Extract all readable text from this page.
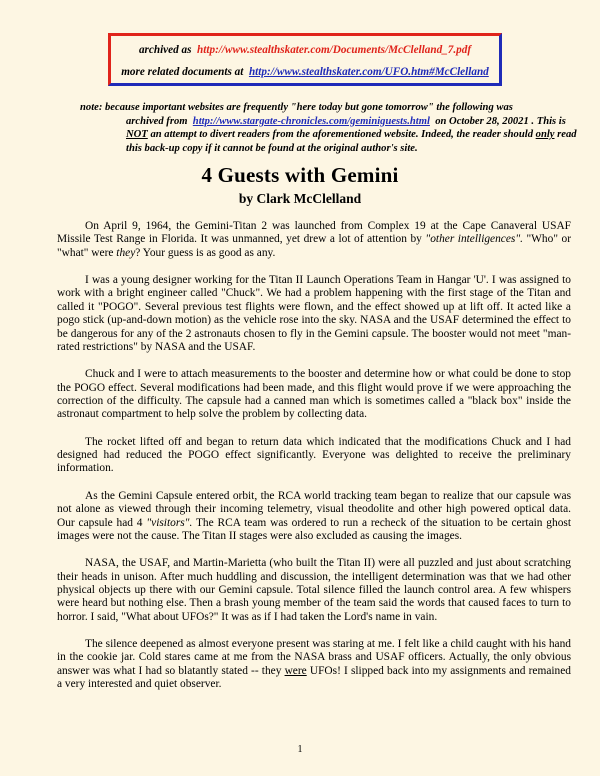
archived as http://www.stealthskater.com/Documents/McClelland_7.pdf
more related documents at http://www.stealthskater.com/UFO.htm#McClelland
note: because important websites are frequently "here today but gone tomorrow" the following was
archived from http://www.stargate-chronicles.com/geminiguests.html on October 28, 20021 . This is NOT an attempt to divert readers from the aforementioned website. Indeed, the reader should only read this back-up copy if it cannot be found at the original author's site.
4 Guests with Gemini
by Clark McClelland

On April 9, 1964, the Gemini-Titan 2 was launched from Complex 19 at the Cape Canaveral USAF Missile Test Range in Florida. It was unmanned, yet drew a lot of attention by "other intelligences". "Who" or "what" were they? Your guess is as good as any.

I was a young designer working for the Titan II Launch Operations Team in Hangar 'U'. I was assigned to work with a bright engineer called "Chuck". We had a problem happening with the first stage of the Titan and called it "POGO". Several previous test flights were flown, and the effect showed up at lift off. It acted like a pogo stick (up-and-down motion) as the vehicle rose into the sky. NASA and the USAF determined the effect to be dangerous for any of the 2 astronauts chosen to fly in the Gemini capsule. The booster would not meet "man-rated restrictions" by NASA and the USAF.

Chuck and I were to attach measurements to the booster and determine how or what could be done to stop the POGO effect. Several modifications had been made, and this flight would prove if we were approaching the correction of the difficulty. The capsule had a canned man which is sometimes called a "black box" inside the astronaut compartment to help solve the problem by collecting data.

The rocket lifted off and began to return data which indicated that the modifications Chuck and I had designed had reduced the POGO effect significantly. Everyone was delighted to receive the preliminary information.

As the Gemini Capsule entered orbit, the RCA world tracking team began to realize that our capsule was not alone as viewed through their incoming telemetry, visual theodolite and other high powered optical data. Our capsule had 4 "visitors". The RCA team was ordered to run a recheck of the situation to be certain ghost images were not the cause. The Titan II stages were also excluded as causing the images.

NASA, the USAF, and Martin-Marietta (who built the Titan II) were all puzzled and just about scratching their heads in unison. After much huddling and discussion, the intelligent determination was that we had other physical objects up there with our Gemini capsule. Total silence filled the launch control area. A few whispers were heard but nothing else. Then a brash young member of the team said the words that caused faces to turn to horror. I said, "What about UFOs?" It was as if I had taken the Lord's name in vain.

The silence deepened as almost everyone present was staring at me. I felt like a child caught with his hand in the cookie jar. Cold stares came at me from the NASA brass and USAF officers. Actually, the only obvious answer was what I had so blatantly stated -- they were UFOs! I slipped back into my assignments and remained a very interested and quiet observer.

1
